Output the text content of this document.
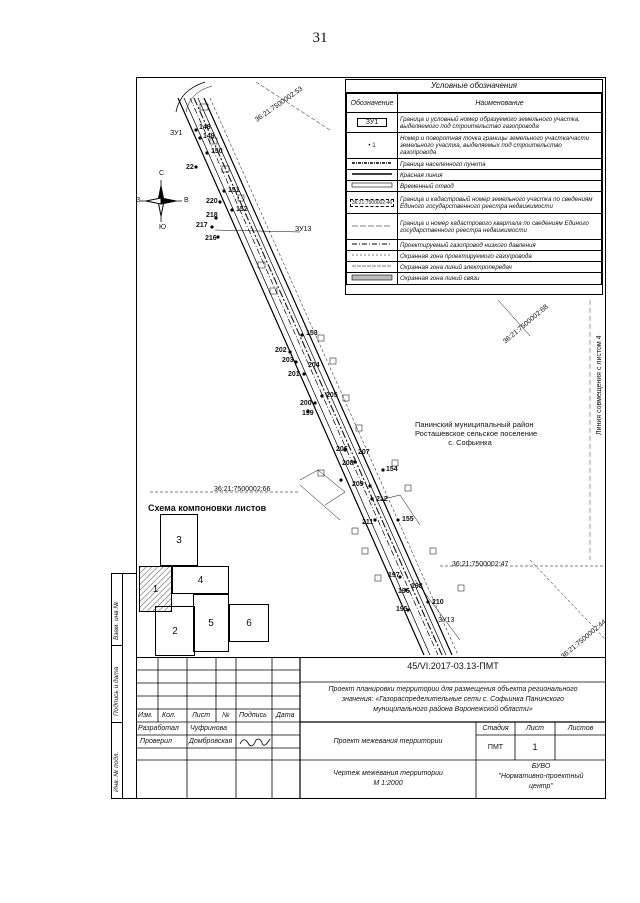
31
36:21:7500002:53
36:21:7500002:68
36:21:7500002:66
36:21:7500002:47
36:21:7500002:44
ЗУ13
ЗУ13
ЗУ1
148
149
150
22
151
220
152
218
217
216
153
202
203
204
201
200
199
205
206 207
208
209
154
212
211	155
197
198
196
210
195
Панинский муниципальный район
Росташевское сельское поселение
с. Софьинка
Линия совмещения с листом 4
С
Ю
З	В
Условные обозначения
Обозначение	Наименование
ЗУ1	Граница и условный номер образуемого земельного участка, выделяемого под строительство газопровода
• 1	Номер и поворотная точка границы земельного участка/части земельного участка, выделяемых под строительство газопровода
	Граница населенного пункта
	Красная линия
	Временный отвод
36:21:7500002:46	Граница и кадастровый номер земельного участка по сведениям Единого государственного реестра недвижимости
	Граница и номер кадастрового квартала по сведениям Единого государственного реестра недвижимости
	Проектируемый газопровод низкого давления
	Охранная зона проектируемого газопровода
	Охранная зона линий электропередач
	Охранная зона линий связи
Схема компоновки листов
3
1
4
2
5	6
Взам. инв.№
Подпись и дата
Инв. № подл.
45/VI.2017-03.13-ПМТ
Проект планировки территории для размещения объекта регионального
значения: «Газораспределительные сети с. Софьинка Панинского
муниципального района Воронежской области»
Изм. Кол. Лист № Подпись Дата
Разработал Чуфринова
Проверил Домбровская	Проект межевания территории
Стадия	Лист	Листов
ПМТ	1
Чертеж межевания территории
М 1:2000
БУВО
"Нормативно-проектный
центр"
